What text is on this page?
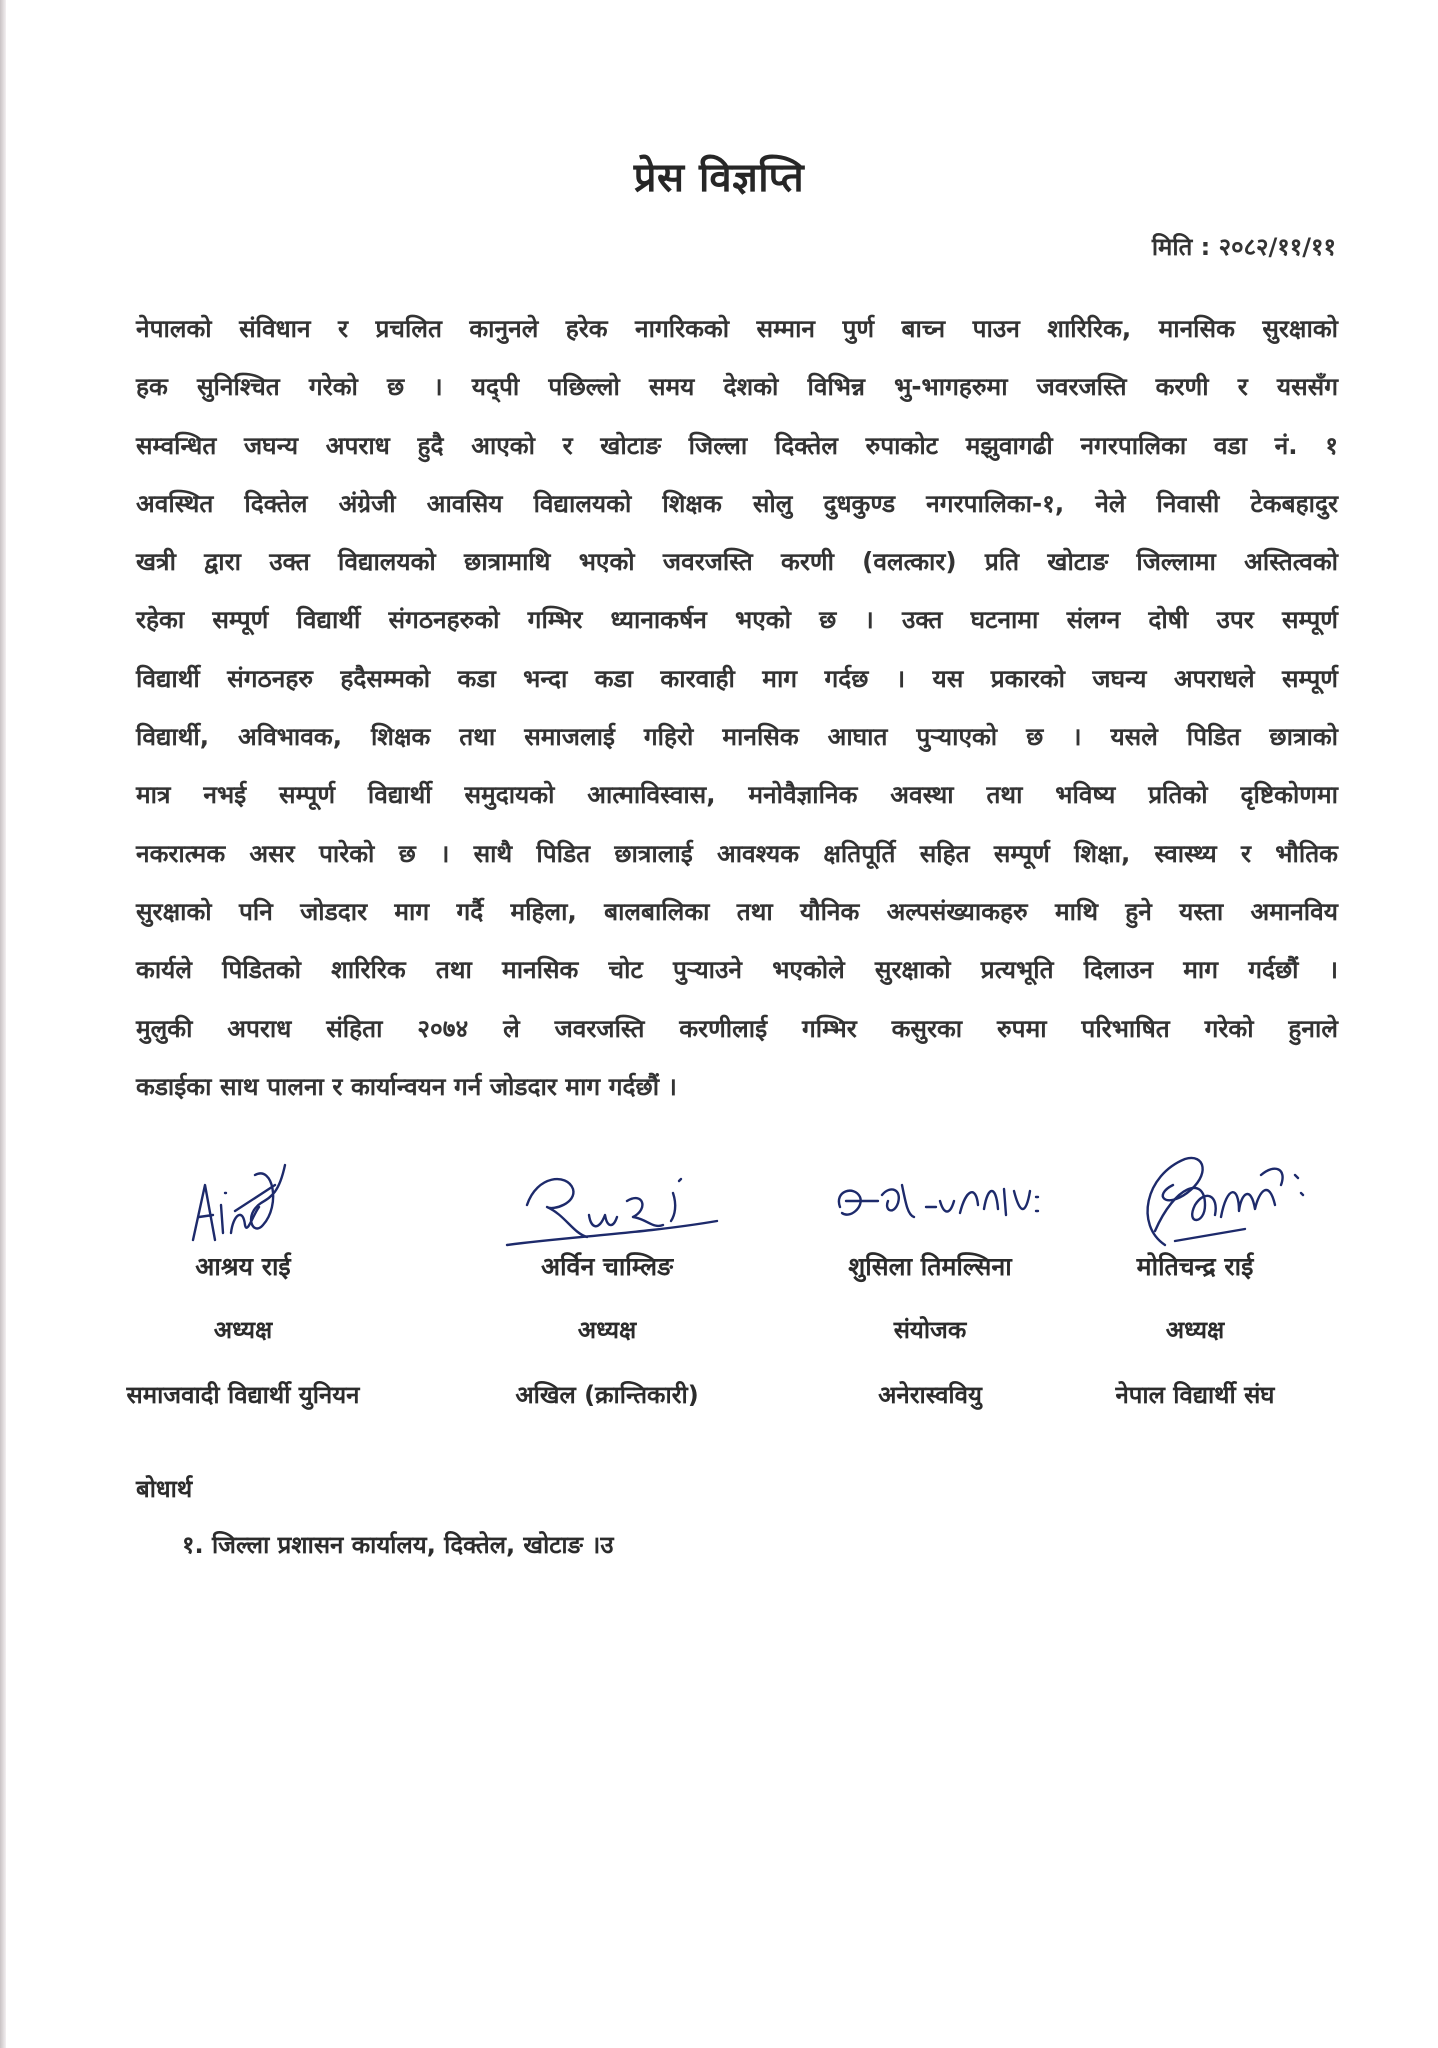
प्रेस विज्ञप्ति
मिति : २०८२/११/११
नेपालको संविधान र प्रचलित कानुनले हरेक नागरिकको सम्मान पुर्ण बाच्न पाउन शारिरिक, मानसिक सुरक्षाको
हक सुनिश्चित गरेको छ । यद्पी पछिल्लो समय देशको विभिन्न भु-भागहरुमा जवरजस्ति करणी र यससँग
सम्वन्धित जघन्य अपराध हुदै आएको र खोटाङ जिल्ला दिक्तेल रुपाकोट मझुवागढी नगरपालिका वडा नं. १
अवस्थित दिक्तेल अंग्रेजी आवसिय विद्यालयको शिक्षक सोलु दुधकुण्ड नगरपालिका-१, नेले निवासी टेकबहादुर
खत्री द्वारा उक्त विद्यालयको छात्रामाथि भएको जवरजस्ति करणी (वलत्कार) प्रति खोटाङ जिल्लामा अस्तित्वको
रहेका सम्पूर्ण विद्यार्थी संगठनहरुको गम्भिर ध्यानाकर्षन भएको छ । उक्त घटनामा संलग्न दोषी उपर सम्पूर्ण
विद्यार्थी संगठनहरु हदैसम्मको कडा भन्दा कडा कारवाही माग गर्दछ । यस प्रकारको जघन्य अपराधले सम्पूर्ण
विद्यार्थी, अविभावक, शिक्षक तथा समाजलाई गहिरो मानसिक आघात पुऱ्याएको छ । यसले पिडित छात्राको
मात्र नभई सम्पूर्ण विद्यार्थी समुदायको आत्माविस्वास, मनोवैज्ञानिक अवस्था तथा भविष्य प्रतिको दृष्टिकोणमा
नकरात्मक असर पारेको छ । साथै पिडित छात्रालाई आवश्यक क्षतिपूर्ति सहित सम्पूर्ण शिक्षा, स्वास्थ्य र भौतिक
सुरक्षाको पनि जोडदार माग गर्दै महिला, बालबालिका तथा यौनिक अल्पसंख्याकहरु माथि हुने यस्ता अमानविय
कार्यले पिडितको शारिरिक तथा मानसिक चोट पुऱ्याउने भएकोले सुरक्षाको प्रत्यभूति दिलाउन माग गर्दछौं ।
मुलुकी अपराध संहिता २०७४ ले जवरजस्ति करणीलाई गम्भिर कसुरका रुपमा परिभाषित गरेको हुनाले
कडाईका साथ पालना र कार्यान्वयन गर्न जोडदार माग गर्दछौं ।
आश्रय राई
अध्यक्ष
समाजवादी विद्यार्थी युनियन
अर्विन चाम्लिङ
अध्यक्ष
अखिल (क्रान्तिकारी)
शुसिला तिमल्सिना
संयोजक
अनेरास्ववियु
मोतिचन्द्र राई
अध्यक्ष
नेपाल विद्यार्थी संघ
बोधार्थ
१. जिल्ला प्रशासन कार्यालय, दिक्तेल, खोटाङ ।उ
